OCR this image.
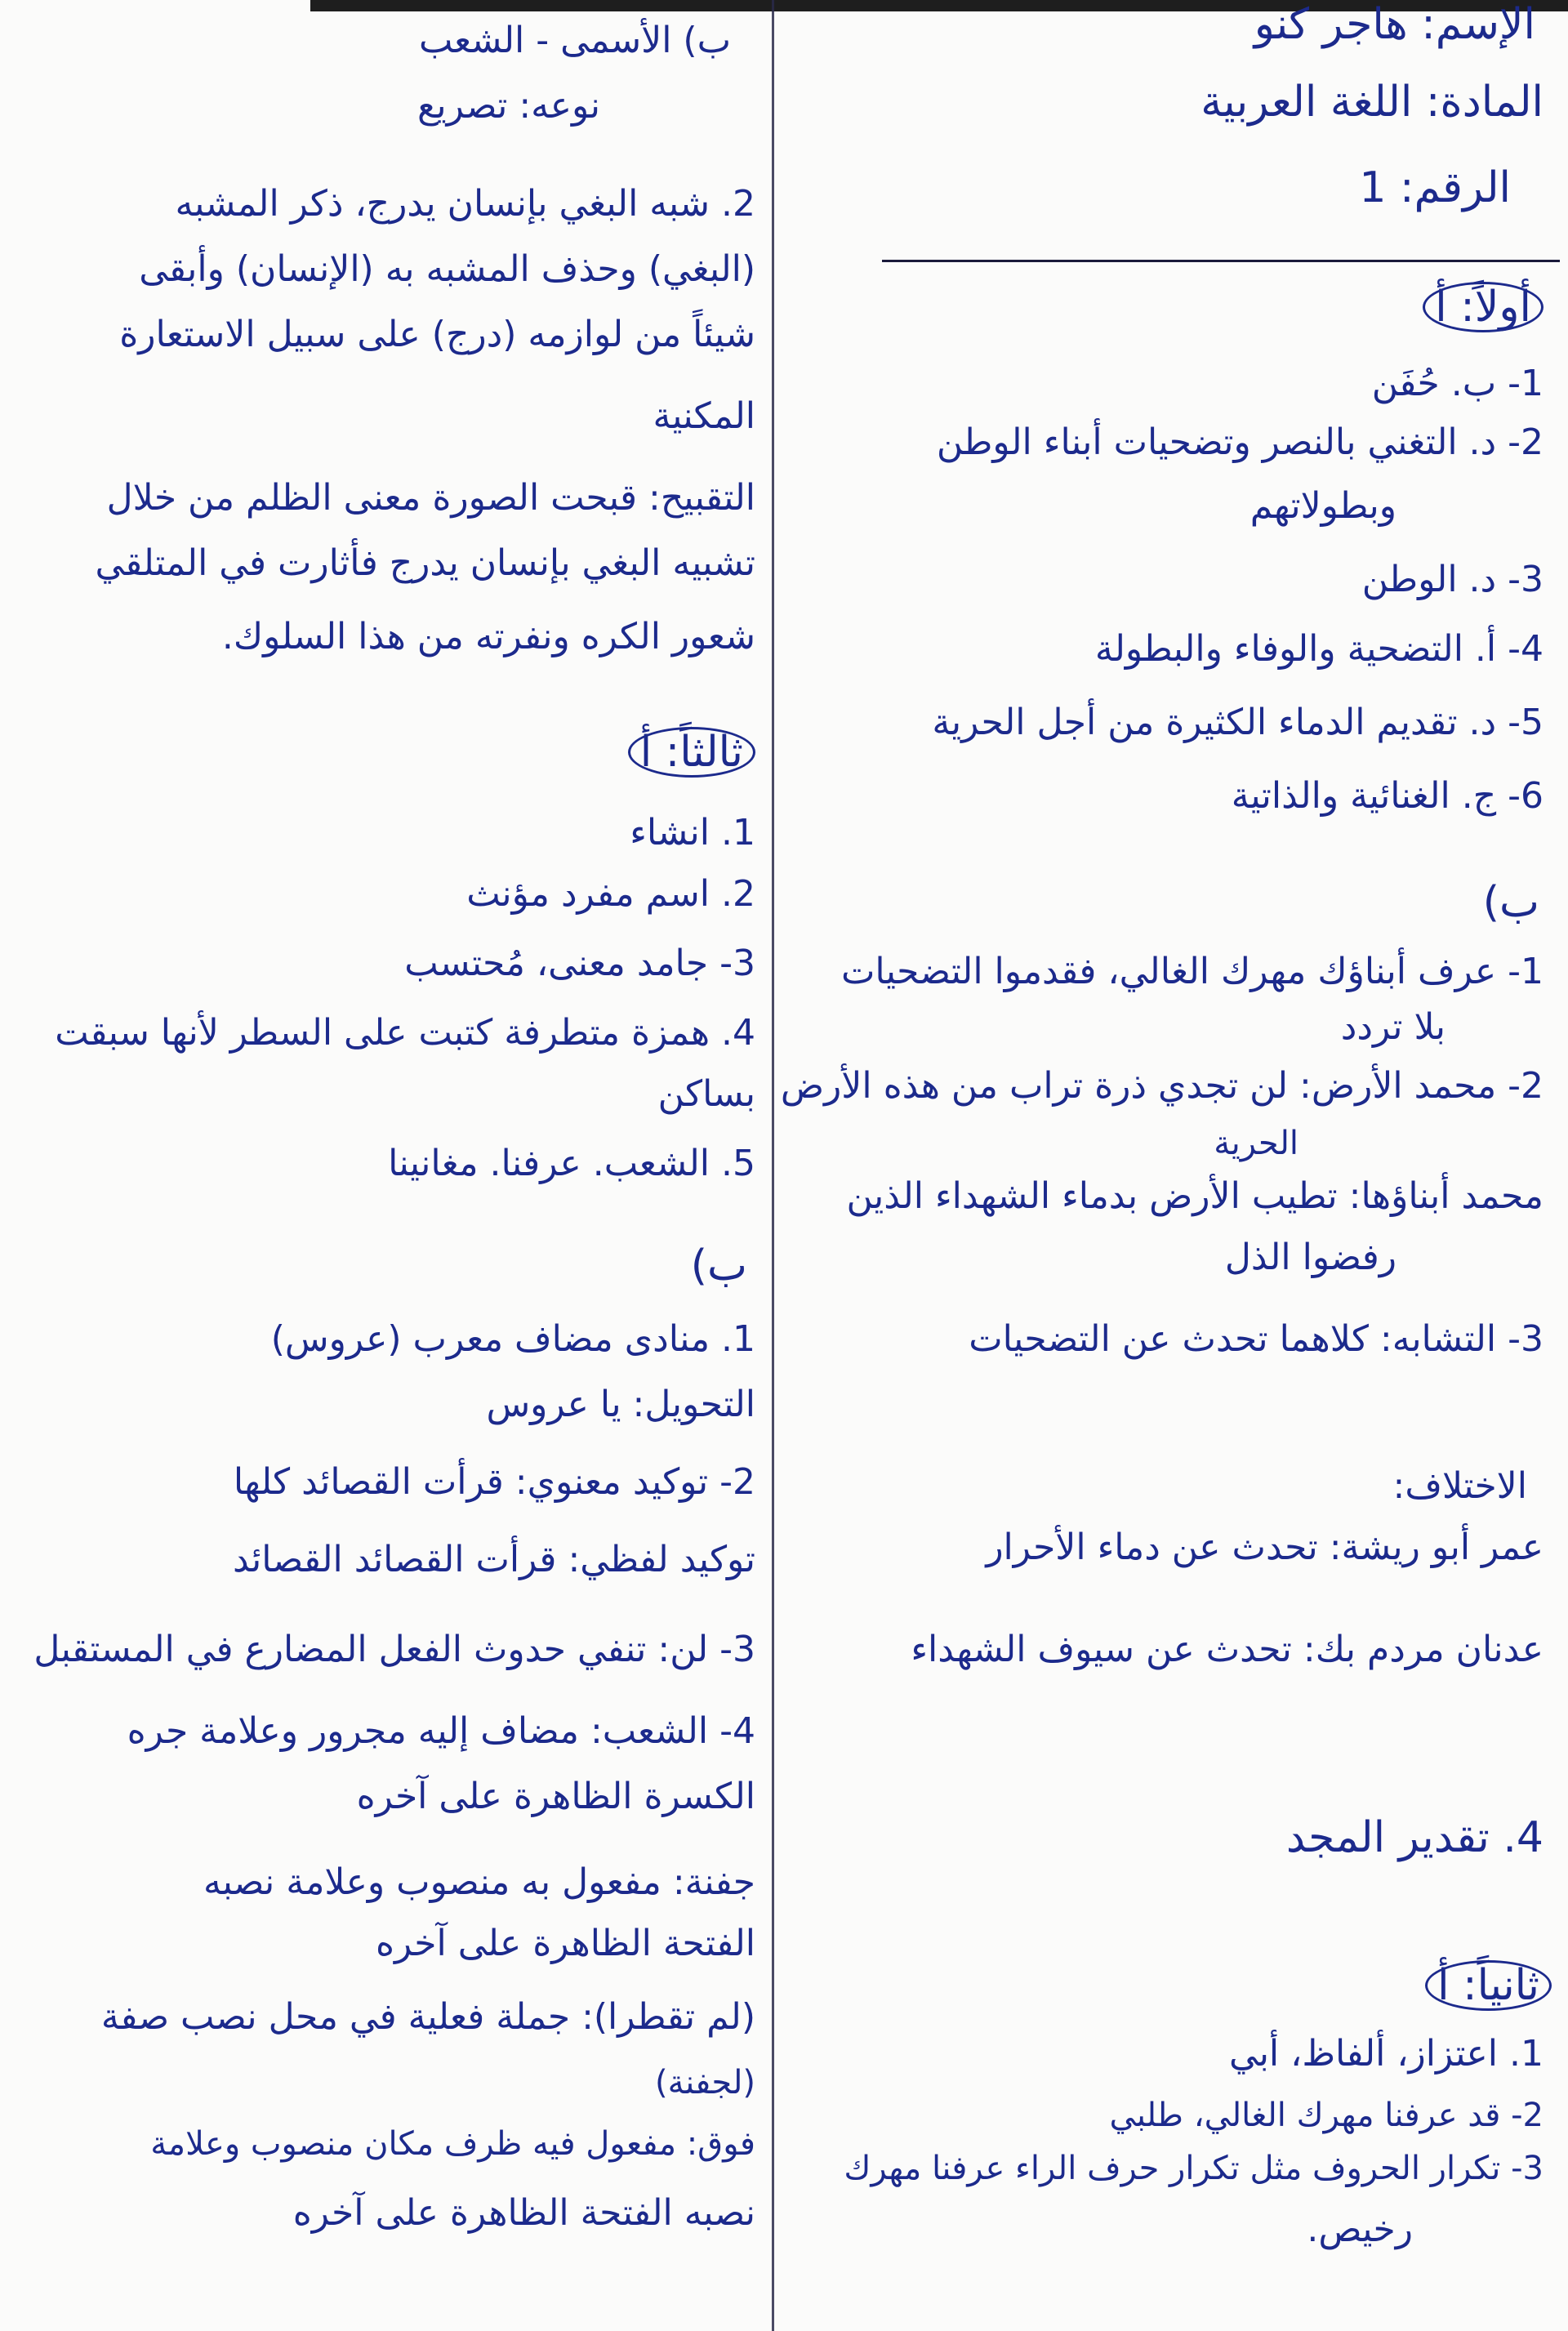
الإسم: هاجر كنو
المادة: اللغة العربية
الرقم: 1
أولاً: أ
1- ب. حُفَن
2- د. التغني بالنصر وتضحيات أبناء الوطن
وبطولاتهم
3- د. الوطن
4- أ. التضحية والوفاء والبطولة
5- د. تقديم الدماء الكثيرة من أجل الحرية
6- ج. الغنائية والذاتية
ب)
1- عرف أبناؤك مهرك الغالي، فقدموا التضحيات
بلا تردد
2- محمد الأرض: لن تجدي ذرة تراب من هذه الأرض
الحرية
محمد أبناؤها: تطيب الأرض بدماء الشهداء الذين
رفضوا الذل
3- التشابه: كلاهما تحدث عن التضحيات
الاختلاف:
عمر أبو ريشة: تحدث عن دماء الأحرار
عدنان مردم بك: تحدث عن سيوف الشهداء
4. تقدير المجد
ثانياً: أ
1. اعتزاز، ألفاظ، أبي
2- قد عرفنا مهرك الغالي، طلبي
3- تكرار الحروف مثل تكرار حرف الراء عرفنا مهرك
رخيص.
ب) الأسمى - الشعب
نوعه: تصريع
2. شبه البغي بإنسان يدرج، ذكر المشبه
(البغي) وحذف المشبه به (الإنسان) وأبقى
شيئاً من لوازمه (درج) على سبيل الاستعارة
المكنية
التقبيح: قبحت الصورة معنى الظلم من خلال
تشبيه البغي بإنسان يدرج فأثارت في المتلقي
شعور الكره ونفرته من هذا السلوك.
ثالثاً: أ
1. انشاء
2. اسم مفرد مؤنث
3- جامد معنى، مُحتسب
4. همزة متطرفة كتبت على السطر لأنها سبقت
بساكن
5. الشعب. عرفنا. مغانينا
ب)
1. منادى مضاف معرب (عروس)
التحويل: يا عروس
2- توكيد معنوي: قرأت القصائد كلها
توكيد لفظي: قرأت القصائد القصائد
3- لن: تنفي حدوث الفعل المضارع في المستقبل
4- الشعب: مضاف إليه مجرور وعلامة جره
الكسرة الظاهرة على آخره
جفنة: مفعول به منصوب وعلامة نصبه
الفتحة الظاهرة على آخره
(لم تقطرا): جملة فعلية في محل نصب صفة
(لجفنة)
فوق: مفعول فيه ظرف مكان منصوب وعلامة
نصبه الفتحة الظاهرة على آخره
